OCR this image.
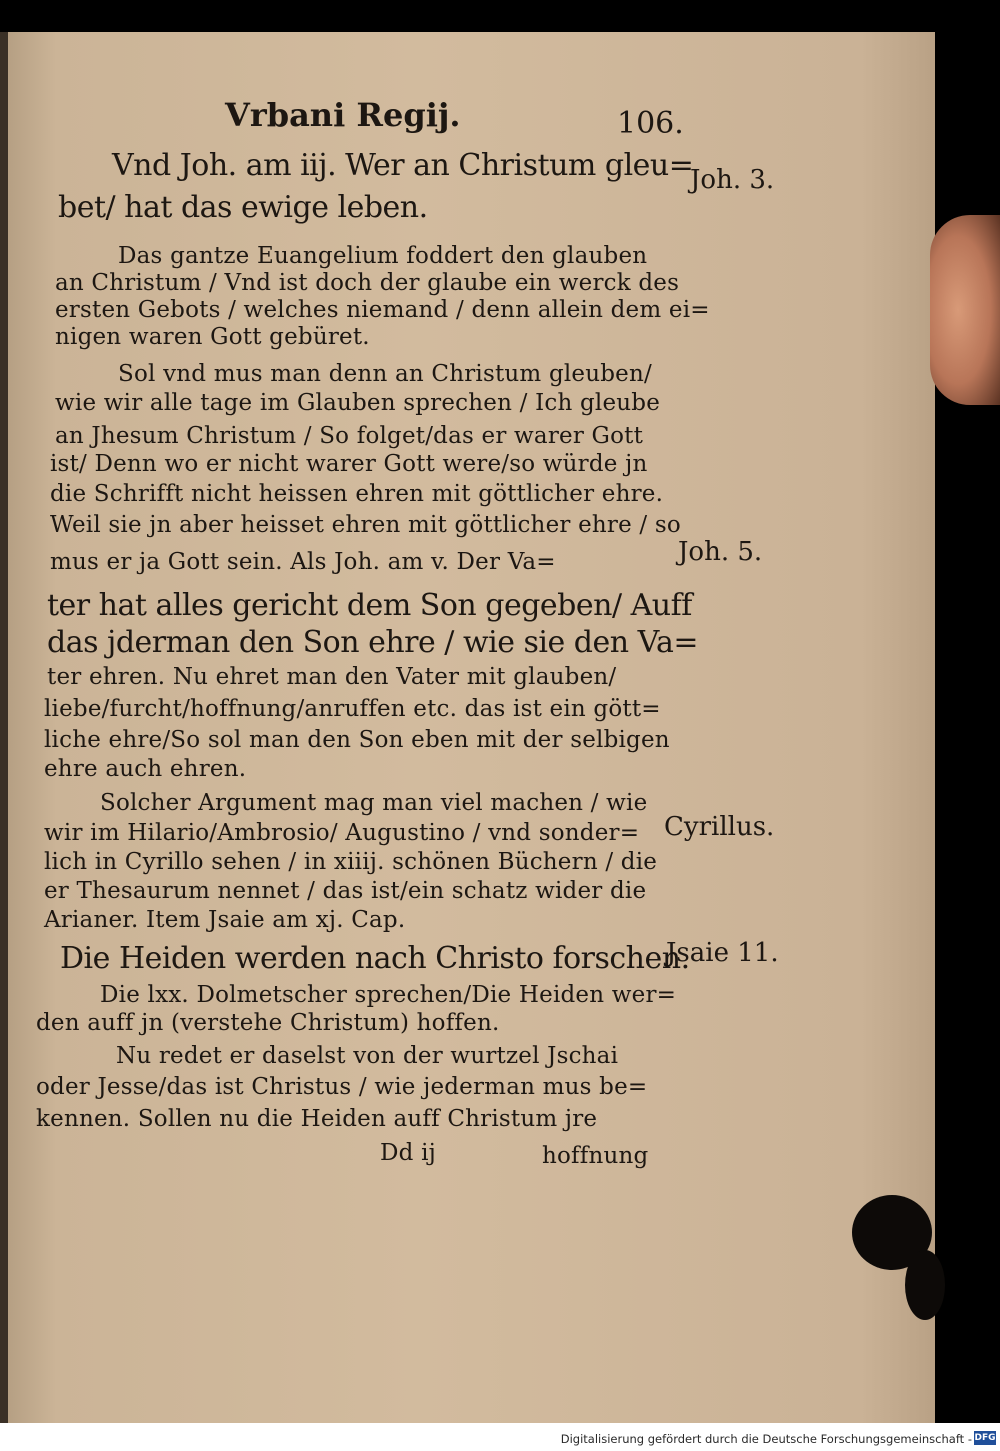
Vrbani Regij.	106.
Vnd Joh. am iij. Wer an Christum gleu=
bet/ hat das ewige leben.
Das gantze Euangelium foddert den glauben
an Christum / Vnd ist doch der glaube ein werck des
ersten Gebots / welches niemand / denn allein dem ei=
nigen waren Gott gebüret.
Sol vnd mus man denn an Christum gleuben/
wie wir alle tage im Glauben sprechen / Ich gleube
an Jhesum Christum / So folget/das er warer Gott
ist/ Denn wo er nicht warer Gott were/so würde jn
die Schrifft nicht heissen ehren mit göttlicher ehre.
Weil sie jn aber heisset ehren mit göttlicher ehre / so
mus er ja Gott sein. Als Joh. am v. Der Va=
ter hat alles gericht dem Son gegeben/ Auff
das jderman den Son ehre / wie sie den Va=
ter ehren. Nu ehret man den Vater mit glauben/
liebe/furcht/hoffnung/anruffen etc. das ist ein gött=
liche ehre/So sol man den Son eben mit der selbigen
ehre auch ehren.
Solcher Argument mag man viel machen / wie
wir im Hilario/Ambrosio/ Augustino / vnd sonder=
lich in Cyrillo sehen / in xiiij. schönen Büchern / die
er Thesaurum nennet / das ist/ein schatz wider die
Arianer. Item Jsaie am xj. Cap.
Die Heiden werden nach Christo forschen.
Die lxx. Dolmetscher sprechen/Die Heiden wer=
den auff jn (verstehe Christum) hoffen.
Nu redet er daselst von der wurtzel Jschai
oder Jesse/das ist Christus / wie jederman mus be=
kennen. Sollen nu die Heiden auff Christum jre
Dd ij	hoffnung
Joh. 3.
Joh. 5.
Cyrillus.
Jsaie 11.
Digitalisierung gefördert durch die Deutsche Forschungsgemeinschaft - DFG
